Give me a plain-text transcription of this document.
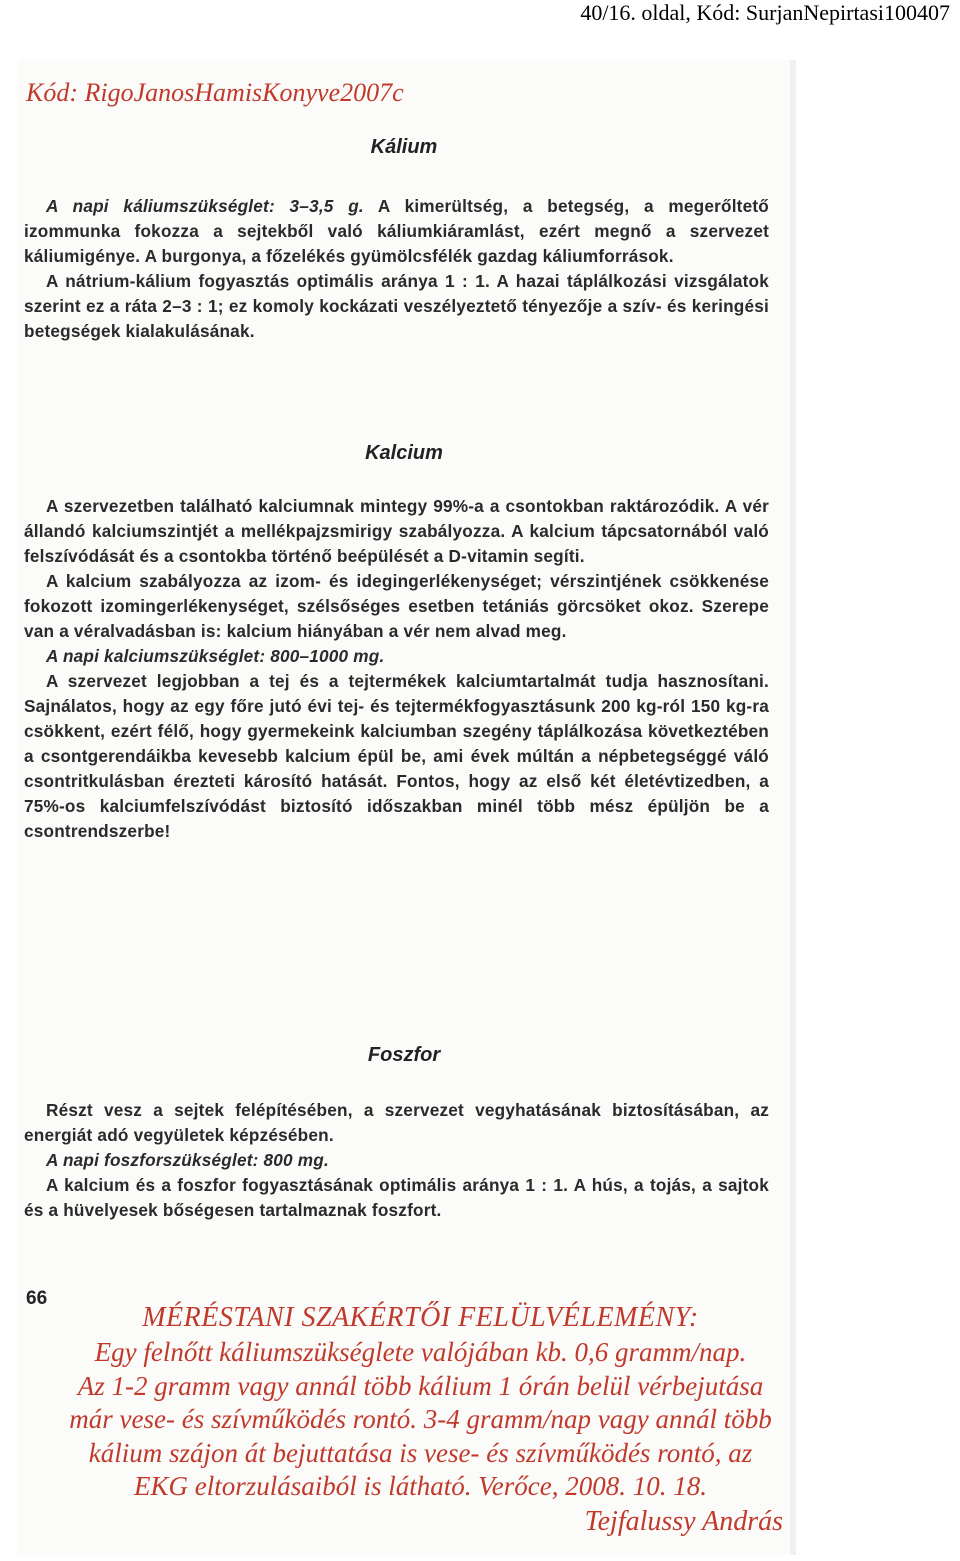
40/16. oldal, Kód: SurjanNepirtasi100407
Kód: RigoJanosHamisKonyve2007c
Kálium

A napi káliumszükséglet: 3–3,5 g. A kimerültség, a betegség, a megerőltető izommunka fokozza a sejtekből való káliumkiáramlást, ezért megnő a szervezet káliumigénye. A burgonya, a főzelékés gyümölcsfélék gazdag káliumforrások.

A nátrium-kálium fogyasztás optimális aránya 1 : 1. A hazai táplálkozási vizsgálatok szerint ez a ráta 2–3 : 1; ez komoly kockázati veszélyeztető tényezője a szív- és keringési betegségek kialakulásának.

Kalcium

A szervezetben található kalciumnak mintegy 99%-a a csontokban raktározódik. A vér állandó kalciumszintjét a mellékpajzsmirigy szabályozza. A kalcium tápcsatornából való felszívódását és a csontokba történő beépülését a D-vitamin segíti.

A kalcium szabályozza az izom- és idegingerlékenységet; vérszintjének csökkenése fokozott izomingerlékenységet, szélsőséges esetben tetániás görcsöket okoz. Szerepe van a véralvadásban is: kalcium hiányában a vér nem alvad meg.

A napi kalciumszükséglet: 800–1000 mg.

A szervezet legjobban a tej és a tejtermékek kalciumtartalmát tudja hasznosítani. Sajnálatos, hogy az egy főre jutó évi tej- és tejtermékfogyasztásunk 200 kg-ról 150 kg-ra csökkent, ezért félő, hogy gyermekeink kalciumban szegény táplálkozása következtében a csontgerendáikba kevesebb kalcium épül be, ami évek múltán a népbetegséggé váló csontritkulásban érezteti károsító hatását. Fontos, hogy az első két életévtizedben, a 75%-os kalciumfelszívódást biztosító időszakban minél több mész épüljön be a csontrendszerbe!

Foszfor

Részt vesz a sejtek felépítésében, a szervezet vegyhatásának biztosításában, az energiát adó vegyületek képzésében.

A napi foszforszükséglet: 800 mg.

A kalcium és a foszfor fogyasztásának optimális aránya 1 : 1. A hús, a tojás, a sajtok és a hüvelyesek bőségesen tartalmaznak foszfort.

66
MÉRÉSTANI SZAKÉRTŐI FELÜLVÉLEMÉNY:
Egy felnőtt káliumszükséglete valójában kb. 0,6 gramm/nap.
Az 1-2 gramm vagy annál több kálium 1 órán belül vérbejutása
már vese- és szívműködés rontó. 3-4 gramm/nap vagy annál több
kálium szájon át bejuttatása is vese- és szívműködés rontó, az
EKG eltorzulásaiból is látható. Verőce, 2008. 10. 18.
Tejfalussy András
